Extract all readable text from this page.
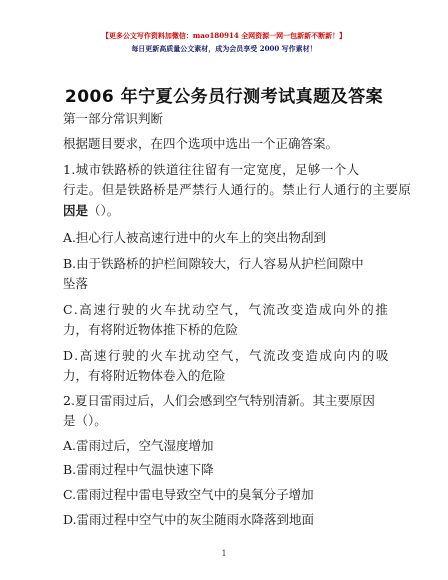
【更多公文写作资料加微信：mao180914 全网资源一网一包新新不断新！】
每日更新高质量公文素材，成为会员享受 2000 写作素材！
2006 年宁夏公务员行测考试真题及答案
第一部分常识判断
根据题目要求，在四个选项中选出一个正确答案。
1.城市铁路桥的铁道往往留有一定宽度，足够一个人
行走。但是铁路桥是严禁行人通行的。禁止行人通行的主要原
因是（）。
A.担心行人被高速行进中的火车上的突出物刮到
B.由于铁路桥的护栏间隙较大，行人容易从护栏间隙中
坠落
C.高速行驶的火车扰动空气，气流改变造成向外的推
力，有将附近物体推下桥的危险
D.高速行驶的火车扰动空气，气流改变造成向内的吸
力，有将附近物体卷入的危险
2.夏日雷雨过后，人们会感到空气特别清新。其主要原因
是（）。
A.雷雨过后，空气湿度增加
B.雷雨过程中气温快速下降
C.雷雨过程中雷电导致空气中的臭氧分子增加
D.雷雨过程中空气中的灰尘随雨水降落到地面
1
